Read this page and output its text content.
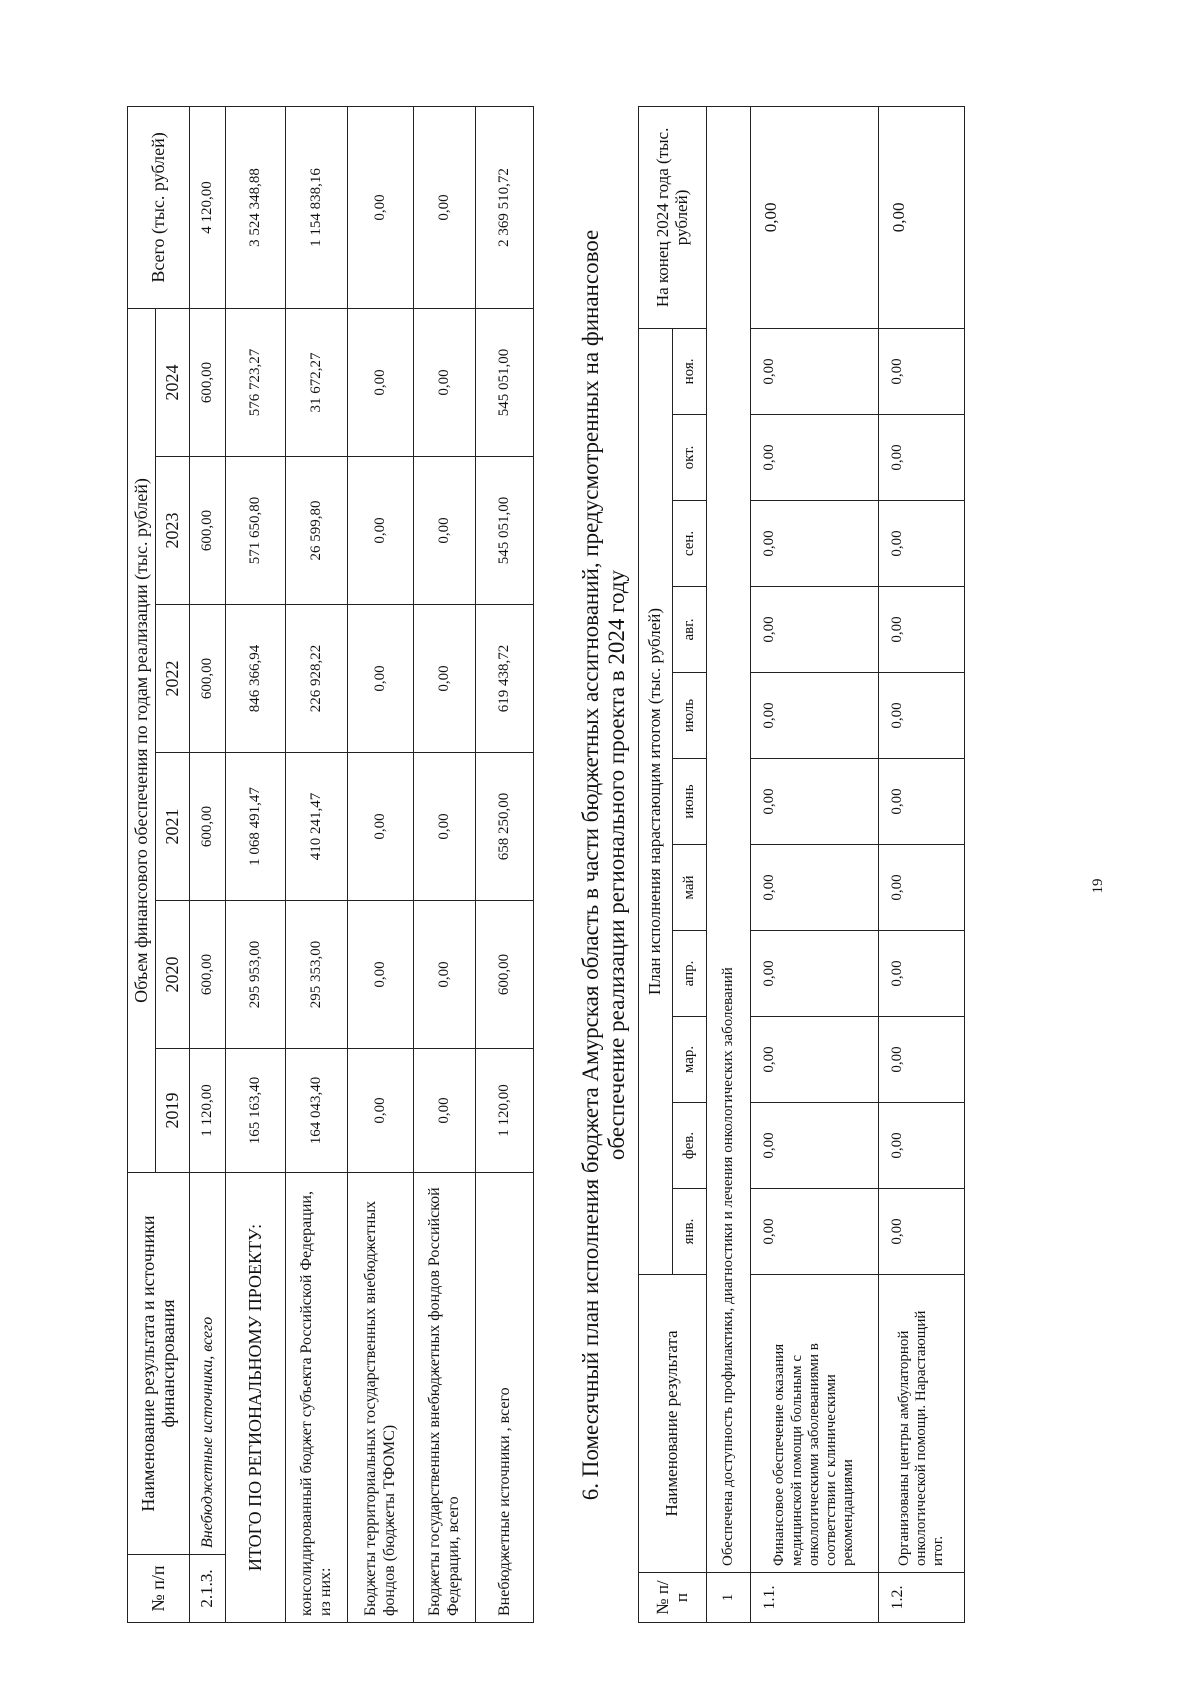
19
№ п/п	Наименование результата и источники финансирования	Объем финансового обеспечения по годам реализации (тыс. рублей)						Всего (тыс. рублей)
		2019	2020	2021	2022	2023	2024	
2.1.3.	Внебюджетные источники, всего	1 120,00	600,00	600,00	600,00	600,00	600,00	4 120,00
ИТОГО ПО РЕГИОНАЛЬНОМУ ПРОЕКТУ:		165 163,40	295 953,00	1 068 491,47	846 366,94	571 650,80	576 723,27	3 524 348,88
консолидированный бюджет субъекта Российской Федерации, из них:		164 043,40	295 353,00	410 241,47	226 928,22	26 599,80	31 672,27	1 154 838,16
Бюджеты территориальных государственных внебюджетных фондов (бюджеты ТФОМС)		0,00	0,00	0,00	0,00	0,00	0,00	0,00
Бюджеты государственных внебюджетных фондов Российской Федерации, всего		0,00	0,00	0,00	0,00	0,00	0,00	0,00
Внебюджетные источники , всего		1 120,00	600,00	658 250,00	619 438,72	545 051,00	545 051,00	2 369 510,72
6. Помесячный план исполнения бюджета Амурская область в части бюджетных ассигнований, предусмотренных на финансовое обеспечение реализации регионального проекта в 2024 году
№ п/п	Наименование результата	План исполнения нарастающим итогом (тыс. рублей)											На конец 2024 года (тыс. рублей)
		янв.	фев.	мар.	апр.	май	июнь	июль	авг.	сен.	окт.	ноя.	
1	Обеспечена доступность профилактики, диагностики и лечения онкологических заболеваний												
1.1.	Финансовое обеспечение оказания медицинской помощи больным с онкологическими заболеваниями в соответствии с клиническими рекомендациями	0,00	0,00	0,00	0,00	0,00	0,00	0,00	0,00	0,00	0,00	0,00	0,00
1.2.	Организованы центры амбулаторной онкологической помощи. Нарастающий итог.	0,00	0,00	0,00	0,00	0,00	0,00	0,00	0,00	0,00	0,00	0,00	0,00
